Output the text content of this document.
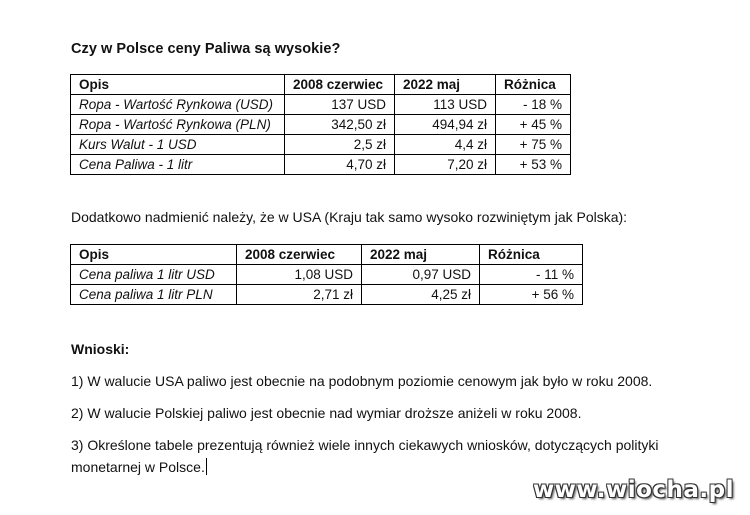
Czy w Polsce ceny Paliwa są wysokie?
Opis	2008 czerwiec	2022 maj	Różnica
Ropa - Wartość Rynkowa (USD)	137 USD	113 USD	- 18 %
Ropa - Wartość Rynkowa (PLN)	342,50 zł	494,94 zł	+ 45 %
Kurs Walut - 1 USD	2,5 zł	4,4 zł	+ 75 %
Cena Paliwa - 1 litr	4,70 zł	7,20 zł	+ 53 %
Dodatkowo nadmienić należy, że w USA (Kraju tak samo wysoko rozwiniętym jak Polska):
Opis	2008 czerwiec	2022 maj	Różnica
Cena paliwa 1 litr USD	1,08 USD	0,97 USD	- 11 %
Cena paliwa 1 litr PLN	2,71 zł	4,25 zł	+ 56 %
Wnioski:
1) W walucie USA paliwo jest obecnie na podobnym poziomie cenowym jak było w roku 2008.
2) W walucie Polskiej paliwo jest obecnie nad wymiar droższe aniżeli w roku 2008.
3) Określone tabele prezentują również wiele innych ciekawych wniosków, dotyczących polityki
monetarnej w Polsce.
www.wiocha.pl
